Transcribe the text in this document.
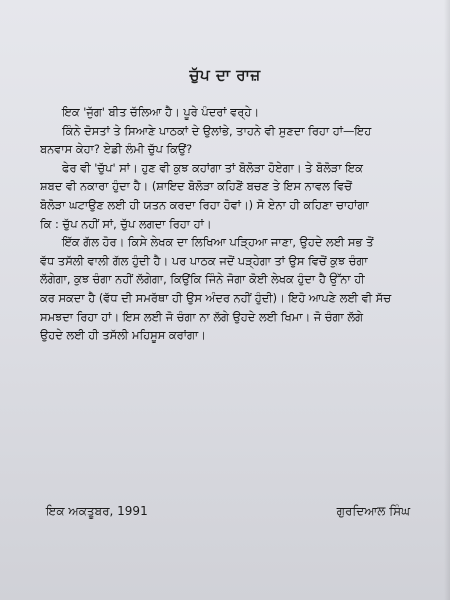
ਚੁੱਪ ਦਾ ਰਾਜ਼

ਇਕ 'ਜੁੱਗ' ਬੀਤ ਚੱਲਿਆ ਹੈ। ਪੂਰੇ ਪੰਦਰਾਂ ਵਰ੍ਹੇ।

ਕਿੰਨੇ ਦੋਸਤਾਂ ਤੇ ਸਿਆਣੇ ਪਾਠਕਾਂ ਦੇ ਉਲਾਂਭੇ, ਤਾਹਨੇ ਵੀ ਸੁਣਦਾ ਰਿਹਾ ਹਾਂ—ਇਹ

ਬਨਵਾਸ ਕੇਹਾ? ਏਡੀ ਲੰਮੀ ਚੁੱਪ ਕਿਉਂ?

ਫੇਰ ਵੀ 'ਚੁੱਪ' ਸਾਂ। ਹੁਣ ਵੀ ਕੁਝ ਕਹਾਂਗਾ ਤਾਂ ਬੋਲੋੜਾ ਹੋਏਗਾ। ਤੇ ਬੋਲੋੜਾ ਇਕ

ਸ਼ਬਦ ਵੀ ਨਕਾਰਾ ਹੁੰਦਾ ਹੈ। (ਸ਼ਾਇਦ ਬੋਲੋੜਾ ਕਹਿਣੋਂ ਬਚਣ ਤੇ ਇਸ ਨਾਵਲ ਵਿਚੋਂ

ਬੋਲੋੜਾ ਘਟਾਉਣ ਲਈ ਹੀ ਯਤਨ ਕਰਦਾ ਰਿਹਾ ਹੋਵਾਂ।) ਸੋ ਏਨਾ ਹੀ ਕਹਿਣਾ ਚਾਹਾਂਗਾ

ਕਿ : ਚੁੱਪ ਨਹੀਂ ਸਾਂ, ਚੁੱਪ ਲਗਦਾ ਰਿਹਾ ਹਾਂ।

ਇੱਕ ਗੱਲ ਹੋਰ। ਕਿਸੇ ਲੇਖਕ ਦਾ ਲਿਖਿਆ ਪੜ੍ਹਿਆ ਜਾਣਾ, ਉਹਦੇ ਲਈ ਸਭ ਤੋਂ

ਵੱਧ ਤਸੱਲੀ ਵਾਲੀ ਗੱਲ ਹੁੰਦੀ ਹੈ। ਪਰ ਪਾਠਕ ਜਦੋਂ ਪੜ੍ਹੇਗਾ ਤਾਂ ਉਸ ਵਿਚੋਂ ਕੁਝ ਚੰਗਾ

ਲੱਗੇਗਾ, ਕੁਝ ਚੰਗਾ ਨਹੀਂ ਲੱਗੇਗਾ, ਕਿਉਂਕਿ ਜਿੰਨੇ ਜੋਗਾ ਕੋਈ ਲੇਖਕ ਹੁੰਦਾ ਹੈ ਉੱਨਾ ਹੀ

ਕਰ ਸਕਦਾ ਹੈ (ਵੱਧ ਦੀ ਸਮਰੱਥਾ ਹੀ ਉਸ ਅੰਦਰ ਨਹੀਂ ਹੁੰਦੀ)। ਇਹੋ ਆਪਣੇ ਲਈ ਵੀ ਸੱਚ

ਸਮਝਦਾ ਰਿਹਾ ਹਾਂ। ਇਸ ਲਈ ਜੋ ਚੰਗਾ ਨਾ ਲੱਗੇ ਉਹਦੇ ਲਈ ਖਿਮਾ। ਜੋ ਚੰਗਾ ਲੱਗੇ

ਉਹਦੇ ਲਈ ਹੀ ਤਸੱਲੀ ਮਹਿਸੂਸ ਕਰਾਂਗਾ।

ਇਕ ਅਕਤੂਬਰ, 1991	ਗੁਰਦਿਆਲ ਸਿੰਘ
